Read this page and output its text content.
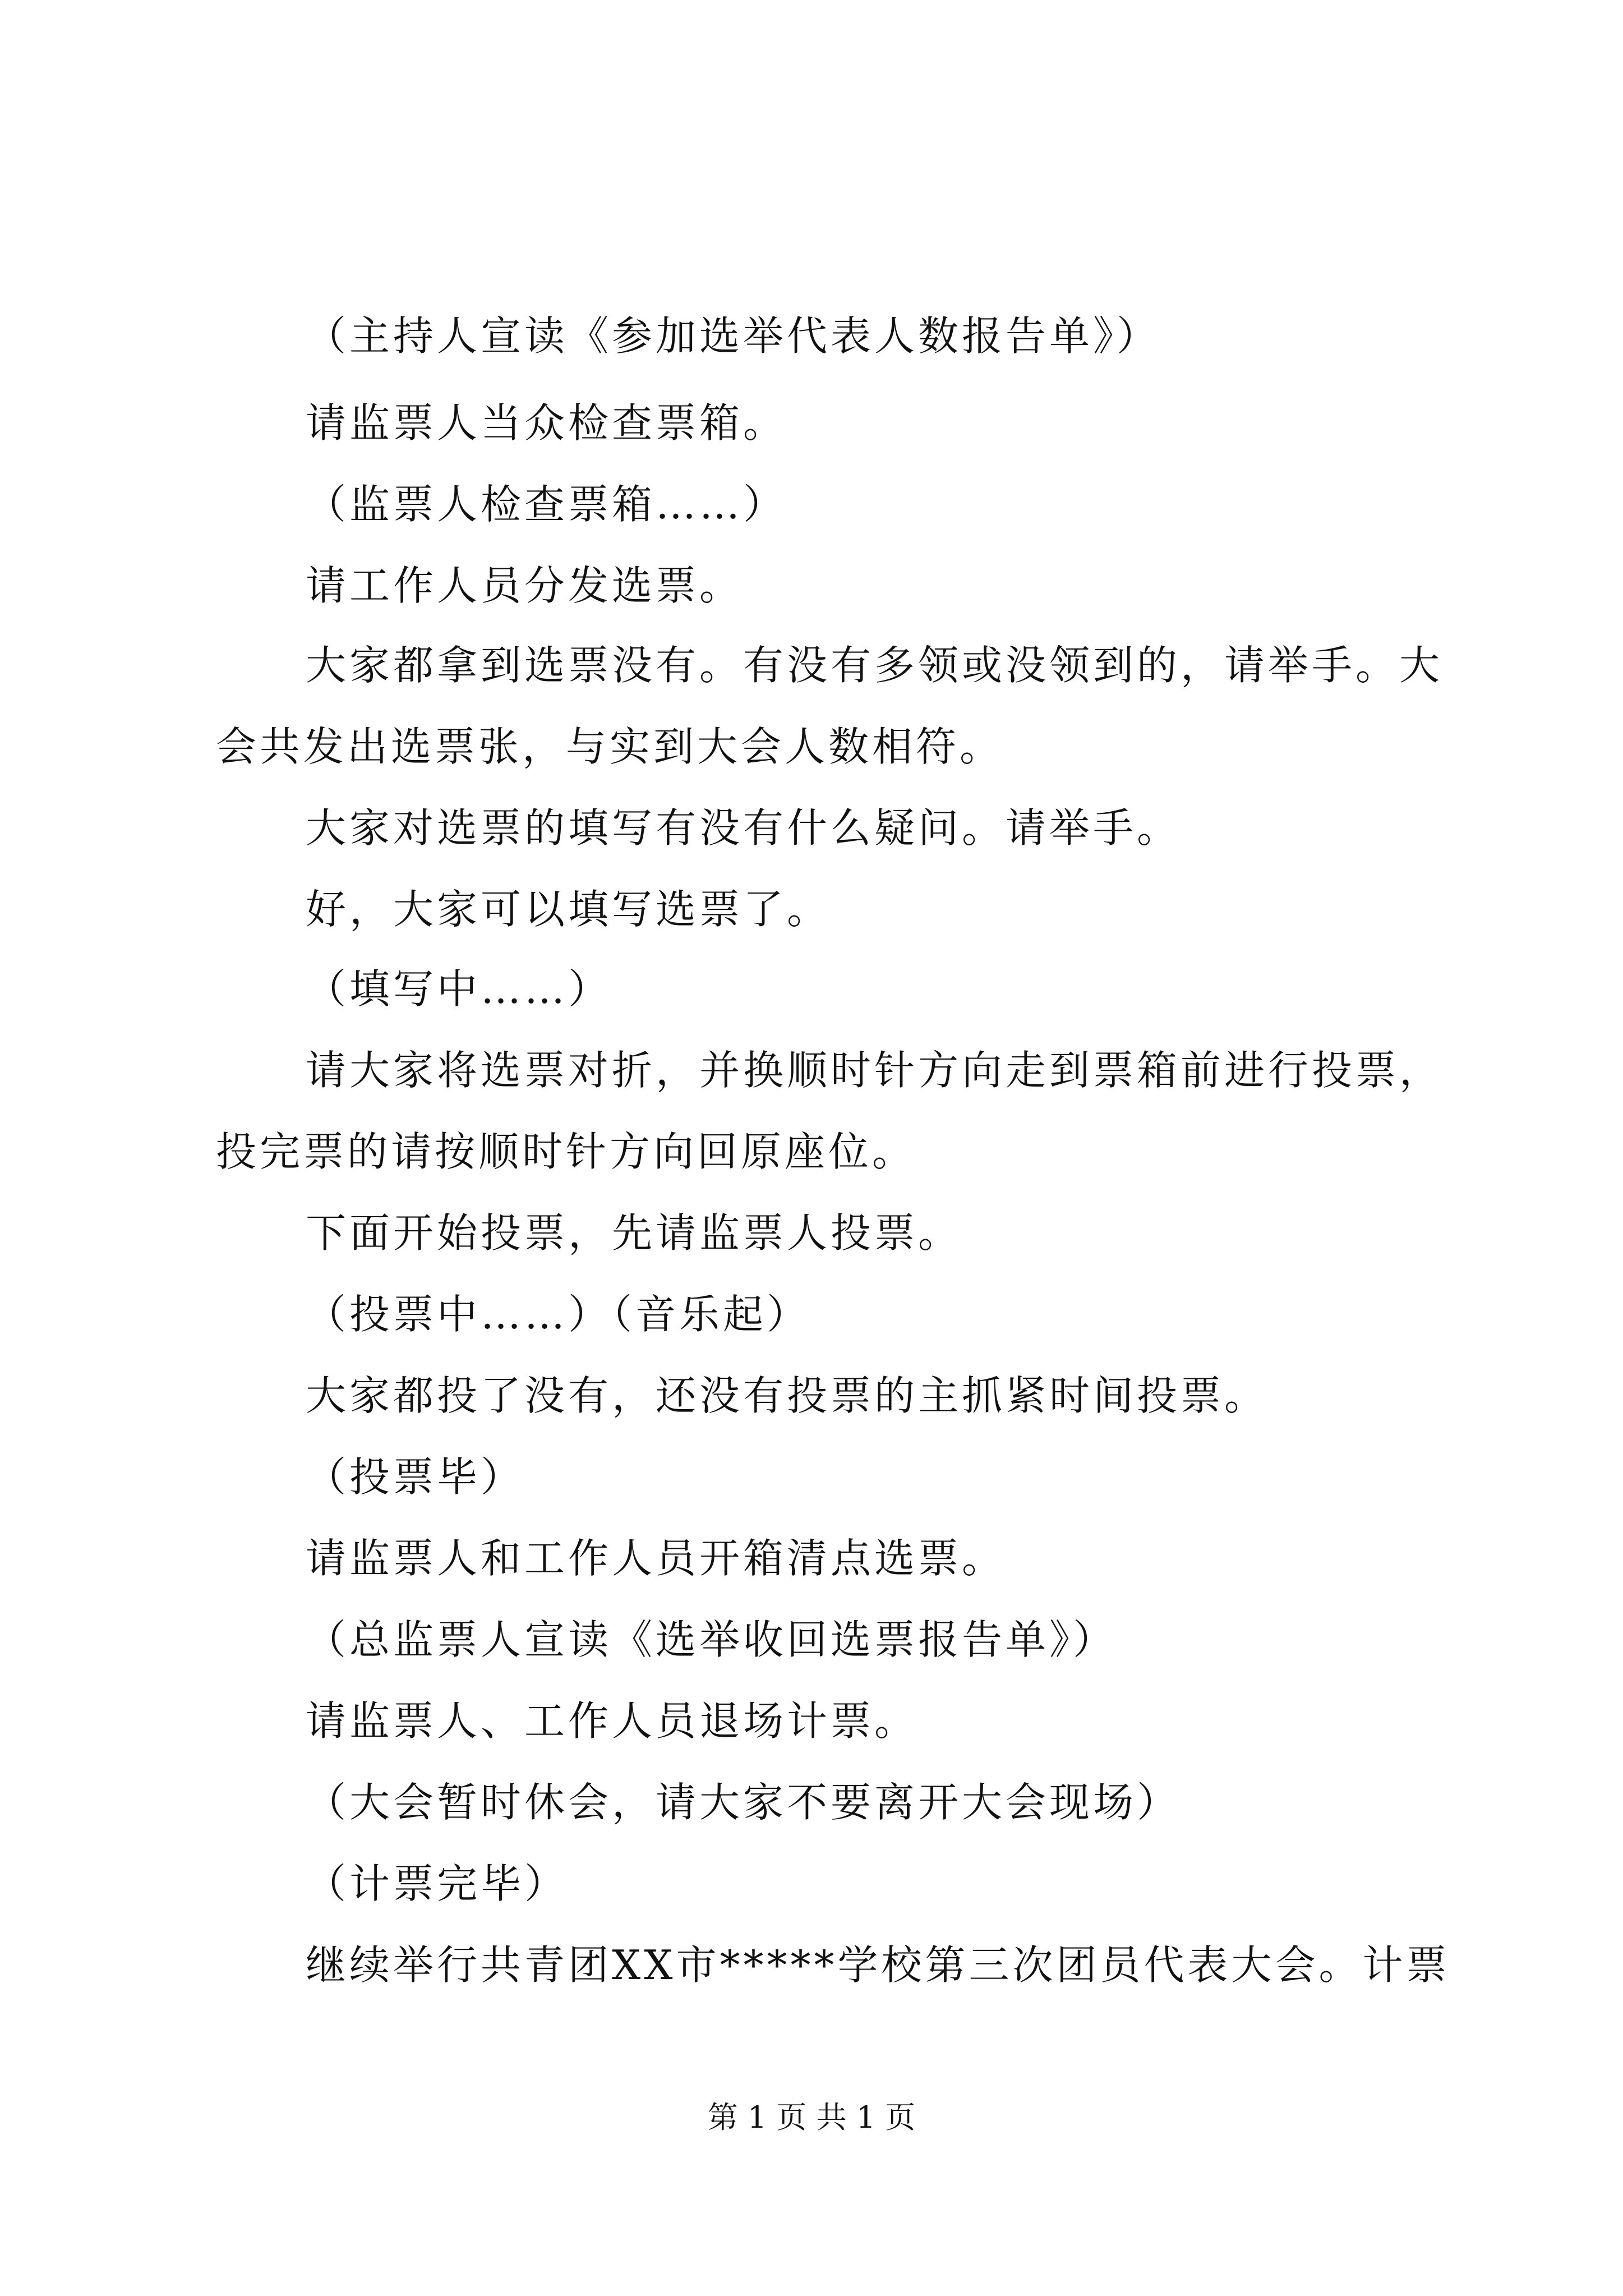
（主持人宣读《参加选举代表人数报告单》）
请监票人当众检查票箱。
（监票人检查票箱……）
请工作人员分发选票。
大家都拿到选票没有。有没有多领或没领到的，请举手。大
会共发出选票张，与实到大会人数相符。
大家对选票的填写有没有什么疑问。请举手。
好，大家可以填写选票了。
（填写中……）
请大家将选票对折，并换顺时针方向走到票箱前进行投票，
投完票的请按顺时针方向回原座位。
下面开始投票，先请监票人投票。
（投票中……）（音乐起）
大家都投了没有，还没有投票的主抓紧时间投票。
（投票毕）
请监票人和工作人员开箱清点选票。
（总监票人宣读《选举收回选票报告单》）
请监票人、工作人员退场计票。
（大会暂时休会，请大家不要离开大会现场）
（计票完毕）
继续举行共青团XX市*****学校第三次团员代表大会。计票
第 1 页 共 1 页
